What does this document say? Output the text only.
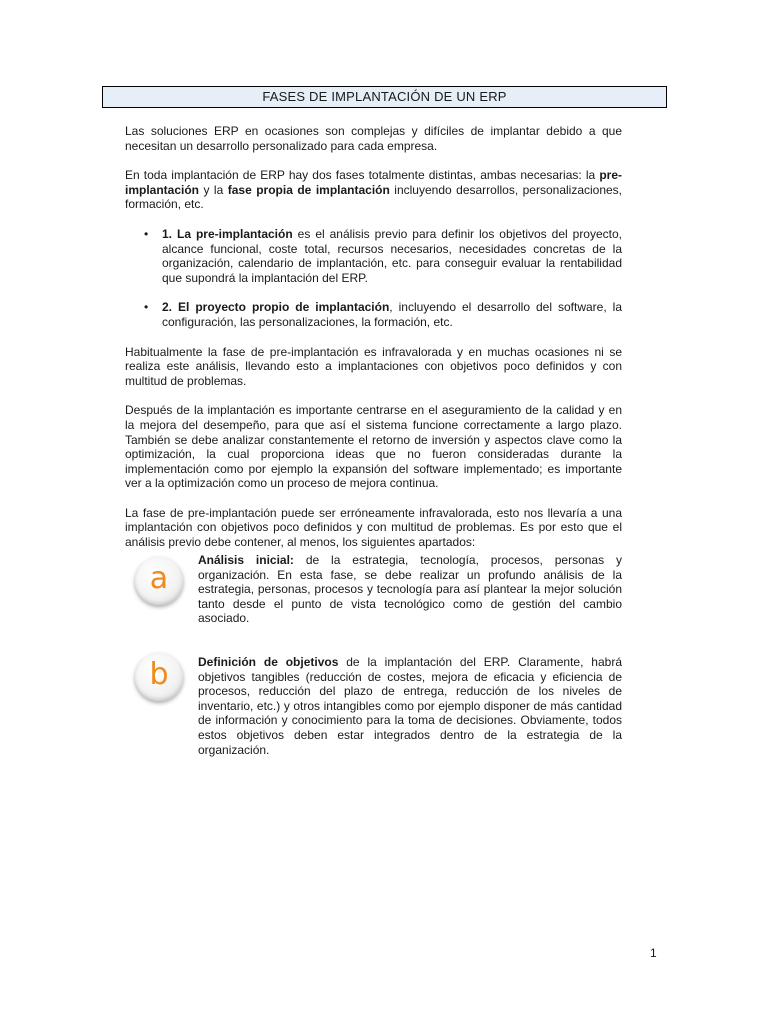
FASES DE IMPLANTACIÓN DE UN ERP

Las soluciones ERP en ocasiones son complejas y difíciles de implantar debido a que necesitan un desarrollo personalizado para cada empresa.

En toda implantación de ERP hay dos fases totalmente distintas, ambas necesarias: la pre-implantación y la fase propia de implantación incluyendo desarrollos, personalizaciones, formación, etc.

• 1. La pre-implantación es el análisis previo para definir los objetivos del proyecto, alcance funcional, coste total, recursos necesarios, necesidades concretas de la organización, calendario de implantación, etc. para conseguir evaluar la rentabilidad que supondrá la implantación del ERP.
• 2. El proyecto propio de implantación, incluyendo el desarrollo del software, la configuración, las personalizaciones, la formación, etc.

Habitualmente la fase de pre-implantación es infravalorada y en muchas ocasiones ni se realiza este análisis, llevando esto a implantaciones con objetivos poco definidos y con multitud de problemas.

Después de la implantación es importante centrarse en el aseguramiento de la calidad y en la mejora del desempeño, para que así el sistema funcione correctamente a largo plazo. También se debe analizar constantemente el retorno de inversión y aspectos clave como la optimización, la cual proporciona ideas que no fueron consideradas durante la implementación como por ejemplo la expansión del software implementado; es importante ver a la optimización como un proceso de mejora continua.

La fase de pre-implantación puede ser erróneamente infravalorada, esto nos llevaría a una implantación con objetivos poco definidos y con multitud de problemas. Es por esto que el análisis previo debe contener, al menos, los siguientes apartados:

a
Análisis inicial: de la estrategia, tecnología, procesos, personas y organización. En esta fase, se debe realizar un profundo análisis de la estrategia, personas, procesos y tecnología para así plantear la mejor solución tanto desde el punto de vista tecnológico como de gestión del cambio asociado.
b Definición de objetivos de la implantación del ERP. Claramente, habrá objetivos tangibles (reducción de costes, mejora de eficacia y eficiencia de procesos, reducción del plazo de entrega, reducción de los niveles de inventario, etc.) y otros intangibles como por ejemplo disponer de más cantidad de información y conocimiento para la toma de decisiones. Obviamente, todos estos objetivos deben estar integrados dentro de la estrategia de la organización.
1
